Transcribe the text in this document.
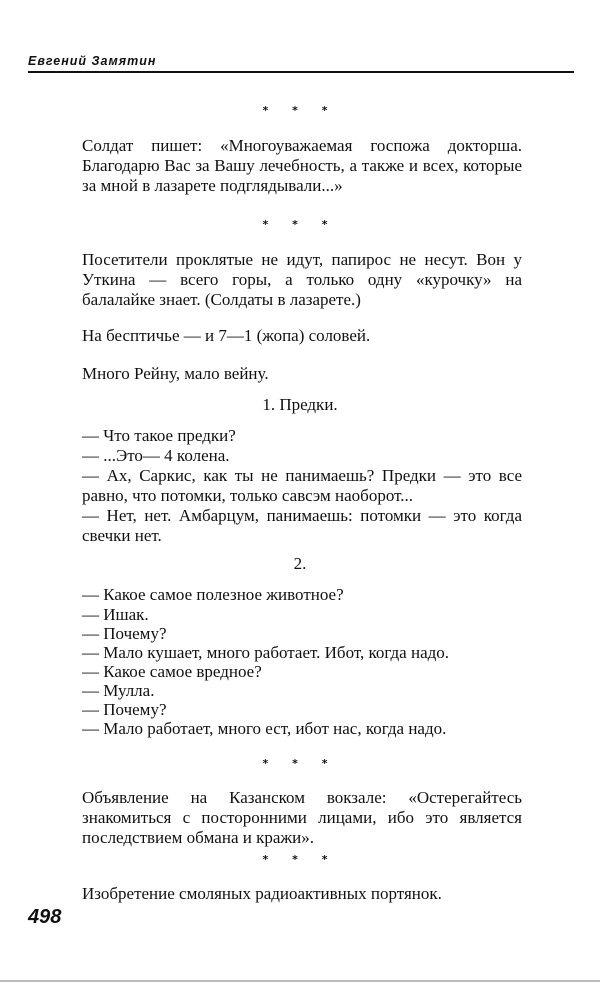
Евгений Замятин
* * *
Солдат пишет: «Многоуважаемая госпожа докторша. Благодарю Вас за Вашу лечебность, а также и всех, которые за мной в лазарете подглядывали...»
* * *
Посетители проклятые не идут, папирос не несут. Вон у Уткина — всего горы, а только одну «курочку» на балалайке знает. (Солдаты в лазарете.)
На бесптичье — и 7—1 (жопа) соловей.
Много Рейну, мало вейну.
1. Предки.
— Что такое предки?
— ...Это— 4 колена.
— Ах, Саркис, как ты не панимаешь? Предки — это все равно, что потомки, только савсэм наоборот...
— Нет, нет. Амбарцум, панимаешь: потомки — это когда свечки нет.
2.
— Какое самое полезное животное?
— Ишак.
— Почему?
— Мало кушает, много работает. Ибот, когда надо.
— Какое самое вредное?
— Мулла.
— Почему?
— Мало работает, много ест, ибот нас, когда надо.
* * *
Объявление на Казанском вокзале: «Остерегайтесь знакомиться с посторонними лицами, ибо это является последствием обмана и кражи».
* * *
Изобретение смоляных радиоактивных портянок.
498
